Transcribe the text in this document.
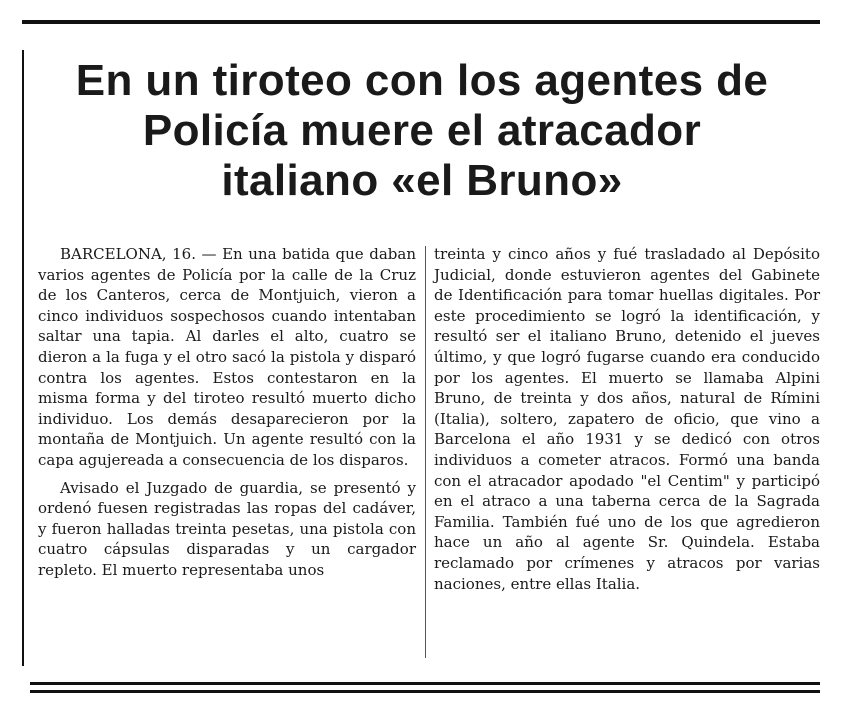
En un tiroteo con los agentes de
Policía muere el atracador
italiano «el Bruno»

BARCELONA, 16. — En una batida que daban varios agentes de Policía por la calle de la Cruz de los Canteros, cerca de Montjuich, vieron a cinco individuos sospechosos cuando intentaban saltar una tapia. Al darles el alto, cuatro se dieron a la fuga y el otro sacó la pistola y disparó contra los agentes. Estos contestaron en la misma forma y del tiroteo resultó muerto dicho individuo. Los demás desaparecieron por la montaña de Montjuich. Un agente resultó con la capa agujereada a consecuencia de los disparos.

Avisado el Juzgado de guardia, se presentó y ordenó fuesen registradas las ropas del cadáver, y fueron halladas treinta pesetas, una pistola con cuatro cápsulas disparadas y un cargador repleto. El muerto representaba unos

treinta y cinco años y fué trasladado al Depósito Judicial, donde estuvieron agentes del Gabinete de Identificación para tomar huellas digitales. Por este procedimiento se logró la identificación, y resultó ser el italiano Bruno, detenido el jueves último, y que logró fugarse cuando era conducido por los agentes. El muerto se llamaba Alpini Bruno, de treinta y dos años, natural de Rímini (Italia), soltero, zapatero de oficio, que vino a Barcelona el año 1931 y se dedicó con otros individuos a cometer atracos. Formó una banda con el atracador apodado "el Centim" y participó en el atraco a una taberna cerca de la Sagrada Familia. También fué uno de los que agredieron hace un año al agente Sr. Quindela. Estaba reclamado por crímenes y atracos por varias naciones, entre ellas Italia.
